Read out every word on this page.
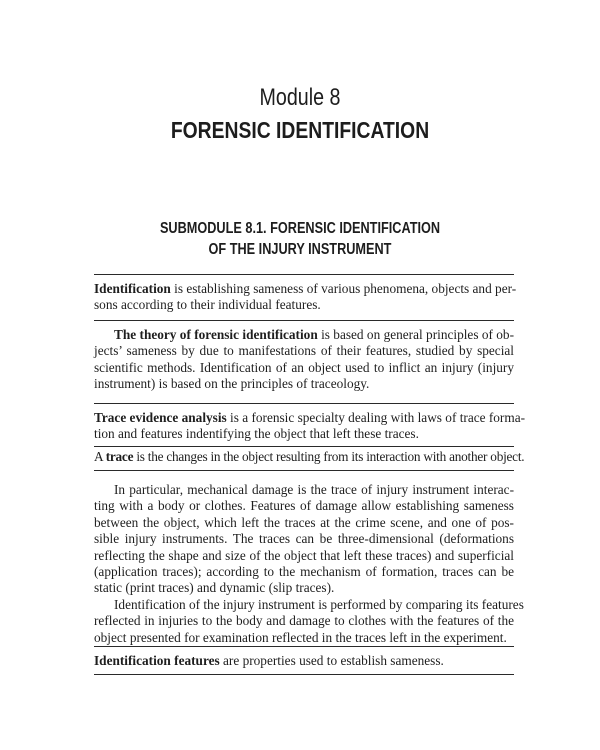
Module 8
FORENSIC IDENTIFICATION
SUBMODULE 8.1. FORENSIC IDENTIFICATION
OF THE INJURY INSTRUMENT
Identification is establishing sameness of various phenomena, objects and per-
sons according to their individual features.
The theory of forensic identification is based on general principles of ob-
jects’ sameness by due to manifestations of their features, studied by special
scientific methods. Identification of an object used to inflict an injury (injury
instrument) is based on the principles of traceology.
Trace evidence analysis is a forensic specialty dealing with laws of trace forma-
tion and features indentifying the object that left these traces.
A trace is the changes in the object resulting from its interaction with another object.
In particular, mechanical damage is the trace of injury instrument interac-
ting with a body or clothes. Features of damage allow establishing sameness
between the object, which left the traces at the crime scene, and one of pos-
sible injury instruments. The traces can be three-dimensional (deformations
reflecting the shape and size of the object that left these traces) and superficial
(application traces); according to the mechanism of formation, traces can be
static (print traces) and dynamic (slip traces).
Identification of the injury instrument is performed by comparing its features
reflected in injuries to the body and damage to clothes with the features of the
object presented for examination reflected in the traces left in the experiment.
Identification features are properties used to establish sameness.
